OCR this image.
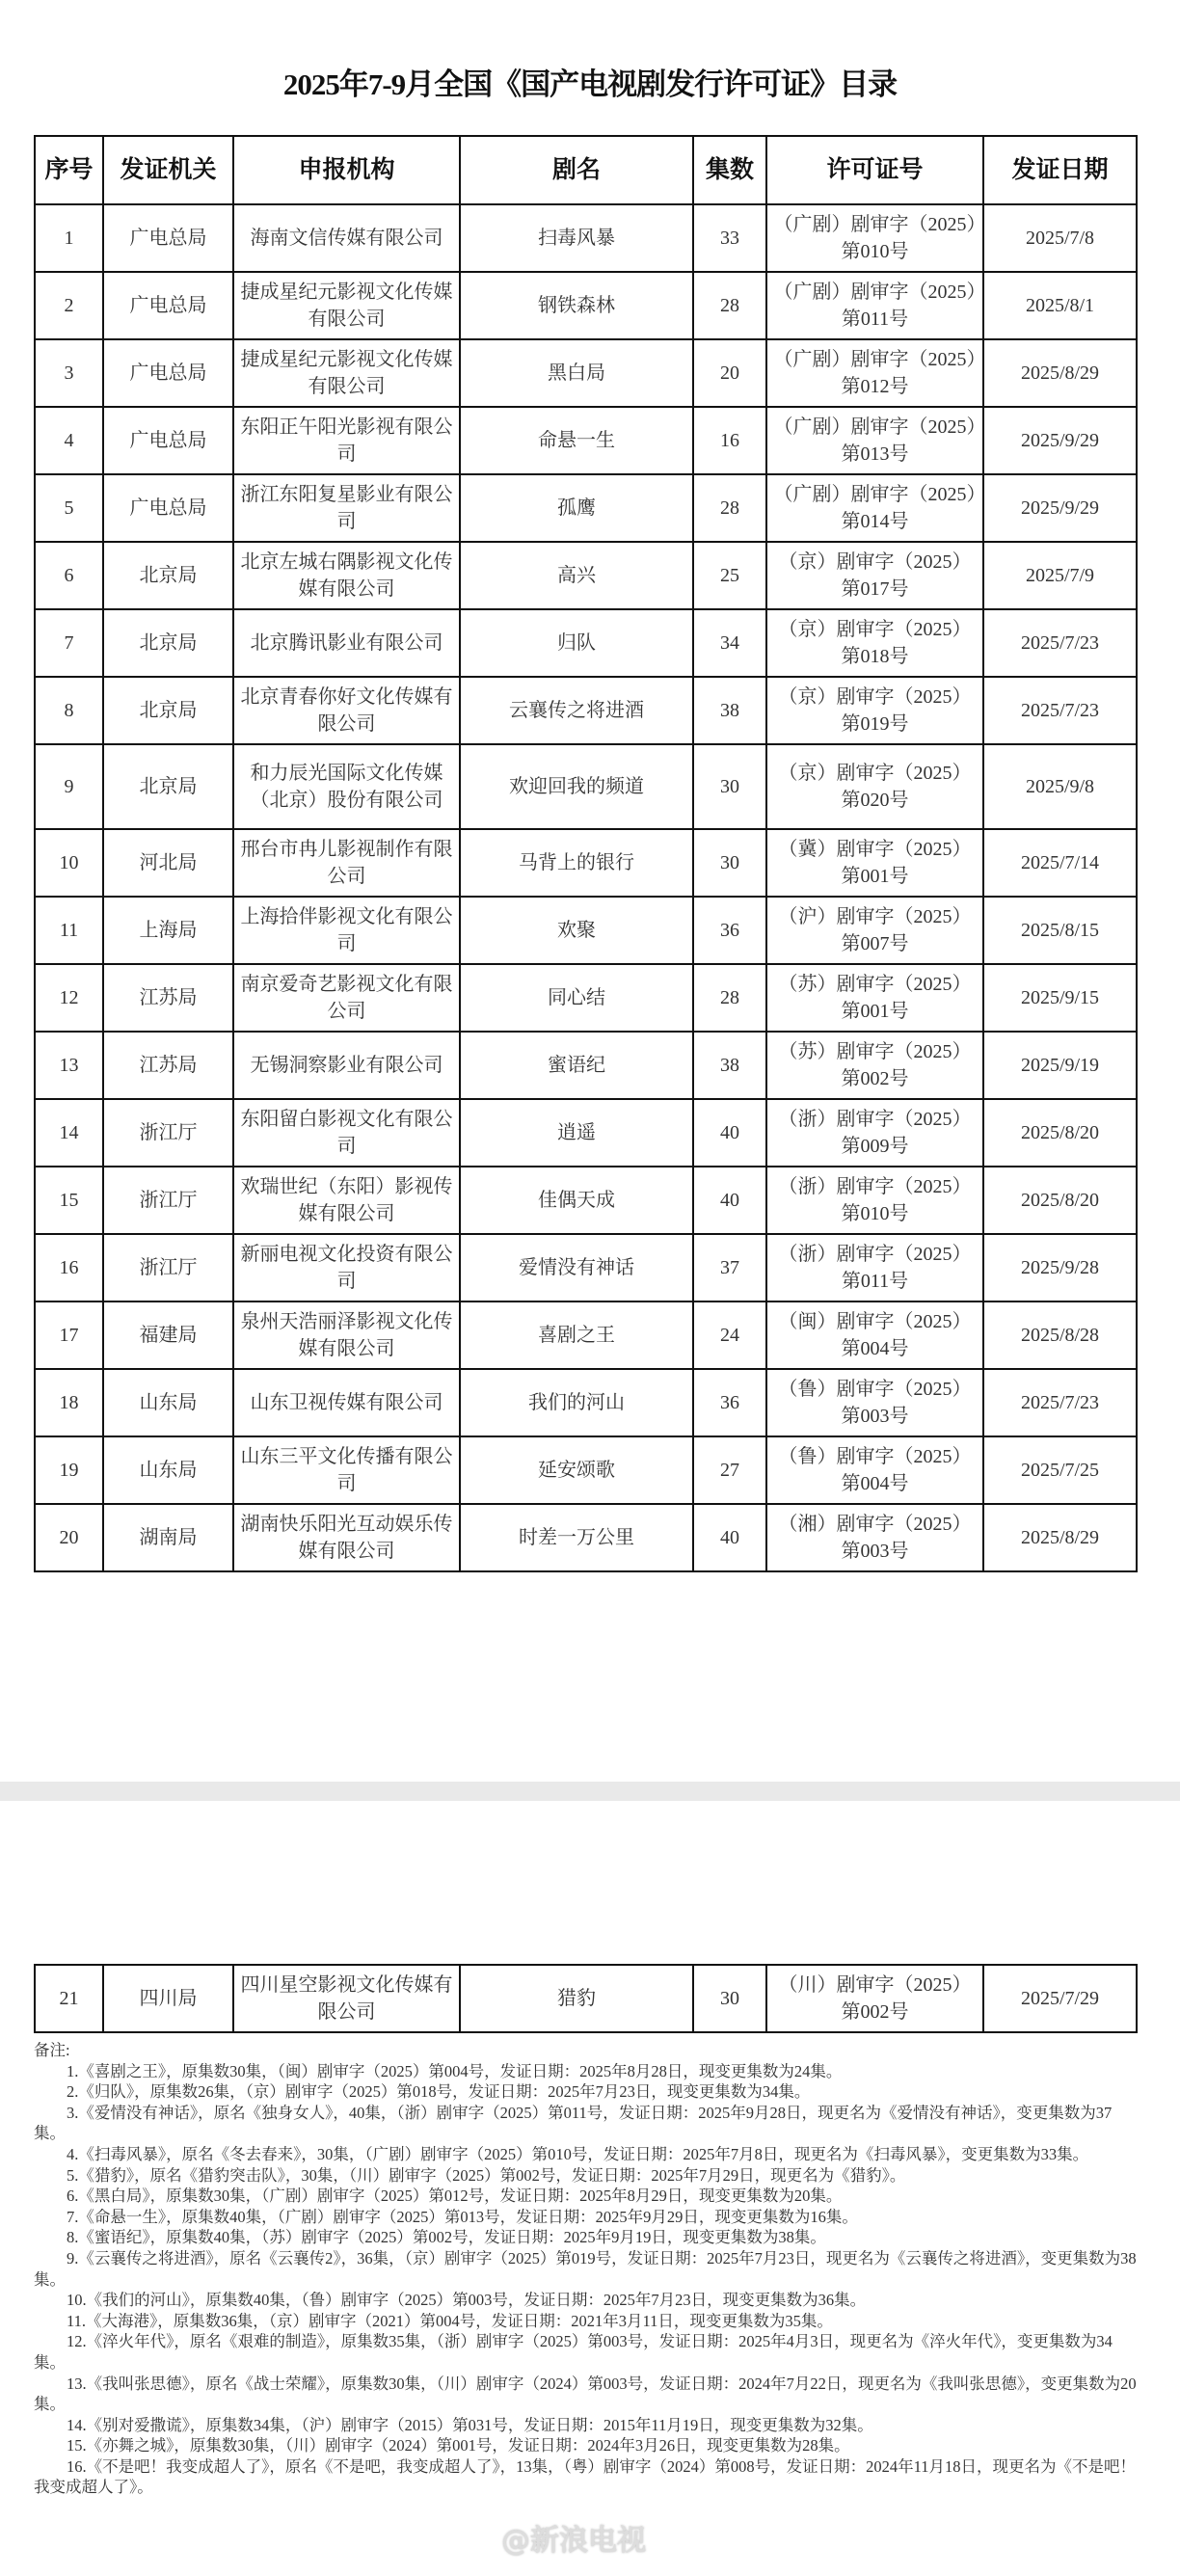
2025年7-9月全国《国产电视剧发行许可证》目录
序号	发证机关	申报机构	剧名	集数	许可证号	发证日期
1	广电总局	海南文信传媒有限公司	扫毒风暴	33	（广剧）剧审字（2025）第010号	2025/7/8
2	广电总局	捷成星纪元影视文化传媒有限公司	钢铁森林	28	（广剧）剧审字（2025）第011号	2025/8/1
3	广电总局	捷成星纪元影视文化传媒有限公司	黑白局	20	（广剧）剧审字（2025）第012号	2025/8/29
4	广电总局	东阳正午阳光影视有限公司	命悬一生	16	（广剧）剧审字（2025）第013号	2025/9/29
5	广电总局	浙江东阳复星影业有限公司	孤鹰	28	（广剧）剧审字（2025）第014号	2025/9/29
6	北京局	北京左城右隅影视文化传媒有限公司	高兴	25	（京）剧审字（2025）第017号	2025/7/9
7	北京局	北京腾讯影业有限公司	归队	34	（京）剧审字（2025）第018号	2025/7/23
8	北京局	北京青春你好文化传媒有限公司	云襄传之将进酒	38	（京）剧审字（2025）第019号	2025/7/23
9	北京局	和力辰光国际文化传媒（北京）股份有限公司	欢迎回我的频道	30	（京）剧审字（2025）第020号	2025/9/8
10	河北局	邢台市冉儿影视制作有限公司	马背上的银行	30	（冀）剧审字（2025）第001号	2025/7/14
11	上海局	上海拾伴影视文化有限公司	欢聚	36	（沪）剧审字（2025）第007号	2025/8/15
12	江苏局	南京爱奇艺影视文化有限公司	同心结	28	（苏）剧审字（2025）第001号	2025/9/15
13	江苏局	无锡洞察影业有限公司	蜜语纪	38	（苏）剧审字（2025）第002号	2025/9/19
14	浙江厅	东阳留白影视文化有限公司	逍遥	40	（浙）剧审字（2025）第009号	2025/8/20
15	浙江厅	欢瑞世纪（东阳）影视传媒有限公司	佳偶天成	40	（浙）剧审字（2025）第010号	2025/8/20
16	浙江厅	新丽电视文化投资有限公司	爱情没有神话	37	（浙）剧审字（2025）第011号	2025/9/28
17	福建局	泉州天浩丽泽影视文化传媒有限公司	喜剧之王	24	（闽）剧审字（2025）第004号	2025/8/28
18	山东局	山东卫视传媒有限公司	我们的河山	36	（鲁）剧审字（2025）第003号	2025/7/23
19	山东局	山东三平文化传播有限公司	延安颂歌	27	（鲁）剧审字（2025）第004号	2025/7/25
20	湖南局	湖南快乐阳光互动娱乐传媒有限公司	时差一万公里	40	（湘）剧审字（2025）第003号	2025/8/29
21	四川局	四川星空影视文化传媒有限公司	猎豹	30	（川）剧审字（2025）第002号	2025/7/29
备注:
1.《喜剧之王》，原集数30集，（闽）剧审字（2025）第004号，发证日期：2025年8月28日，现变更集数为24集。
2.《归队》，原集数26集，（京）剧审字（2025）第018号，发证日期：2025年7月23日，现变更集数为34集。
3.《爱情没有神话》，原名《独身女人》，40集，（浙）剧审字（2025）第011号，发证日期：2025年9月28日，现更名为《爱情没有神话》，变更集数为37集。
4.《扫毒风暴》，原名《冬去春来》，30集，（广剧）剧审字（2025）第010号，发证日期：2025年7月8日，现更名为《扫毒风暴》，变更集数为33集。
5.《猎豹》，原名《猎豹突击队》，30集，（川）剧审字（2025）第002号，发证日期：2025年7月29日，现更名为《猎豹》。
6.《黑白局》，原集数30集，（广剧）剧审字（2025）第012号，发证日期：2025年8月29日，现变更集数为20集。
7.《命悬一生》，原集数40集，（广剧）剧审字（2025）第013号，发证日期：2025年9月29日，现变更集数为16集。
8.《蜜语纪》，原集数40集，（苏）剧审字（2025）第002号，发证日期：2025年9月19日，现变更集数为38集。
9.《云襄传之将进酒》，原名《云襄传2》，36集，（京）剧审字（2025）第019号，发证日期：2025年7月23日，现更名为《云襄传之将进酒》，变更集数为38集。
10.《我们的河山》，原集数40集，（鲁）剧审字（2025）第003号，发证日期：2025年7月23日，现变更集数为36集。
11.《大海港》，原集数36集，（京）剧审字（2021）第004号，发证日期：2021年3月11日，现变更集数为35集。
12.《淬火年代》，原名《艰难的制造》，原集数35集，（浙）剧审字（2025）第003号，发证日期：2025年4月3日，现更名为《淬火年代》，变更集数为34集。
13.《我叫张思德》，原名《战士荣耀》，原集数30集，（川）剧审字（2024）第003号，发证日期：2024年7月22日，现更名为《我叫张思德》，变更集数为20集。
14.《别对爱撒谎》，原集数34集，（沪）剧审字（2015）第031号，发证日期：2015年11月19日，现变更集数为32集。
15.《亦舞之城》，原集数30集，（川）剧审字（2024）第001号，发证日期：2024年3月26日，现变更集数为28集。
16.《不是吧！我变成超人了》，原名《不是吧，我变成超人了》，13集，（粤）剧审字（2024）第008号，发证日期：2024年11月18日，现更名为《不是吧！我变成超人了》。
@新浪电视
